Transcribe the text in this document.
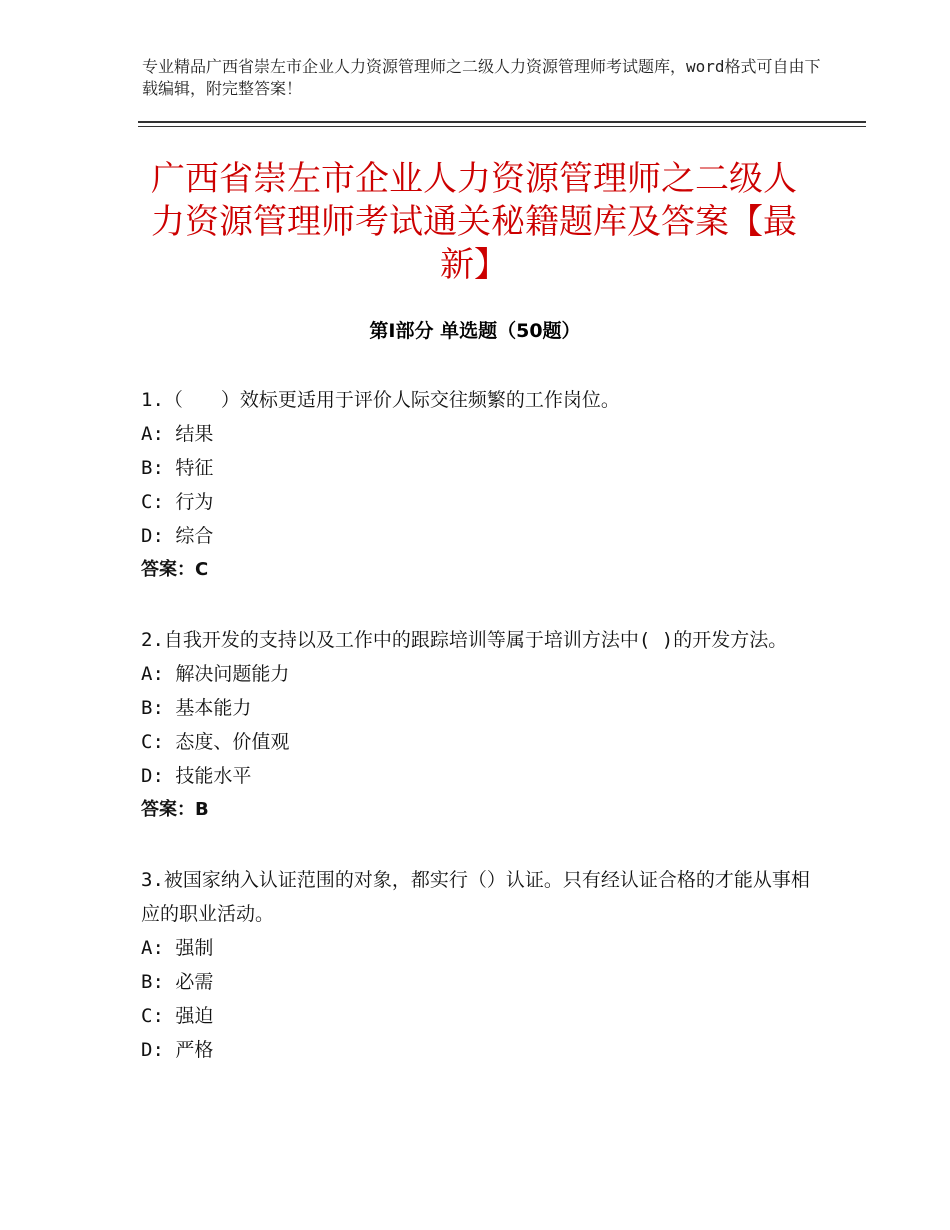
专业精品广西省崇左市企业人力资源管理师之二级人力资源管理师考试题库，word格式可自由下载编辑，附完整答案！
广西省崇左市企业人力资源管理师之二级人力资源管理师考试通关秘籍题库及答案【最新】
第Ⅰ部分 单选题（50题）
1.（　　）效标更适用于评价人际交往频繁的工作岗位。
A: 结果
B: 特征
C: 行为
D: 综合
答案：C
2.自我开发的支持以及工作中的跟踪培训等属于培训方法中( )的开发方法。
A: 解决问题能力
B: 基本能力
C: 态度、价值观
D: 技能水平
答案：B
3.被国家纳入认证范围的对象，都实行（）认证。只有经认证合格的才能从事相应的职业活动。
A: 强制
B: 必需
C: 强迫
D: 严格
